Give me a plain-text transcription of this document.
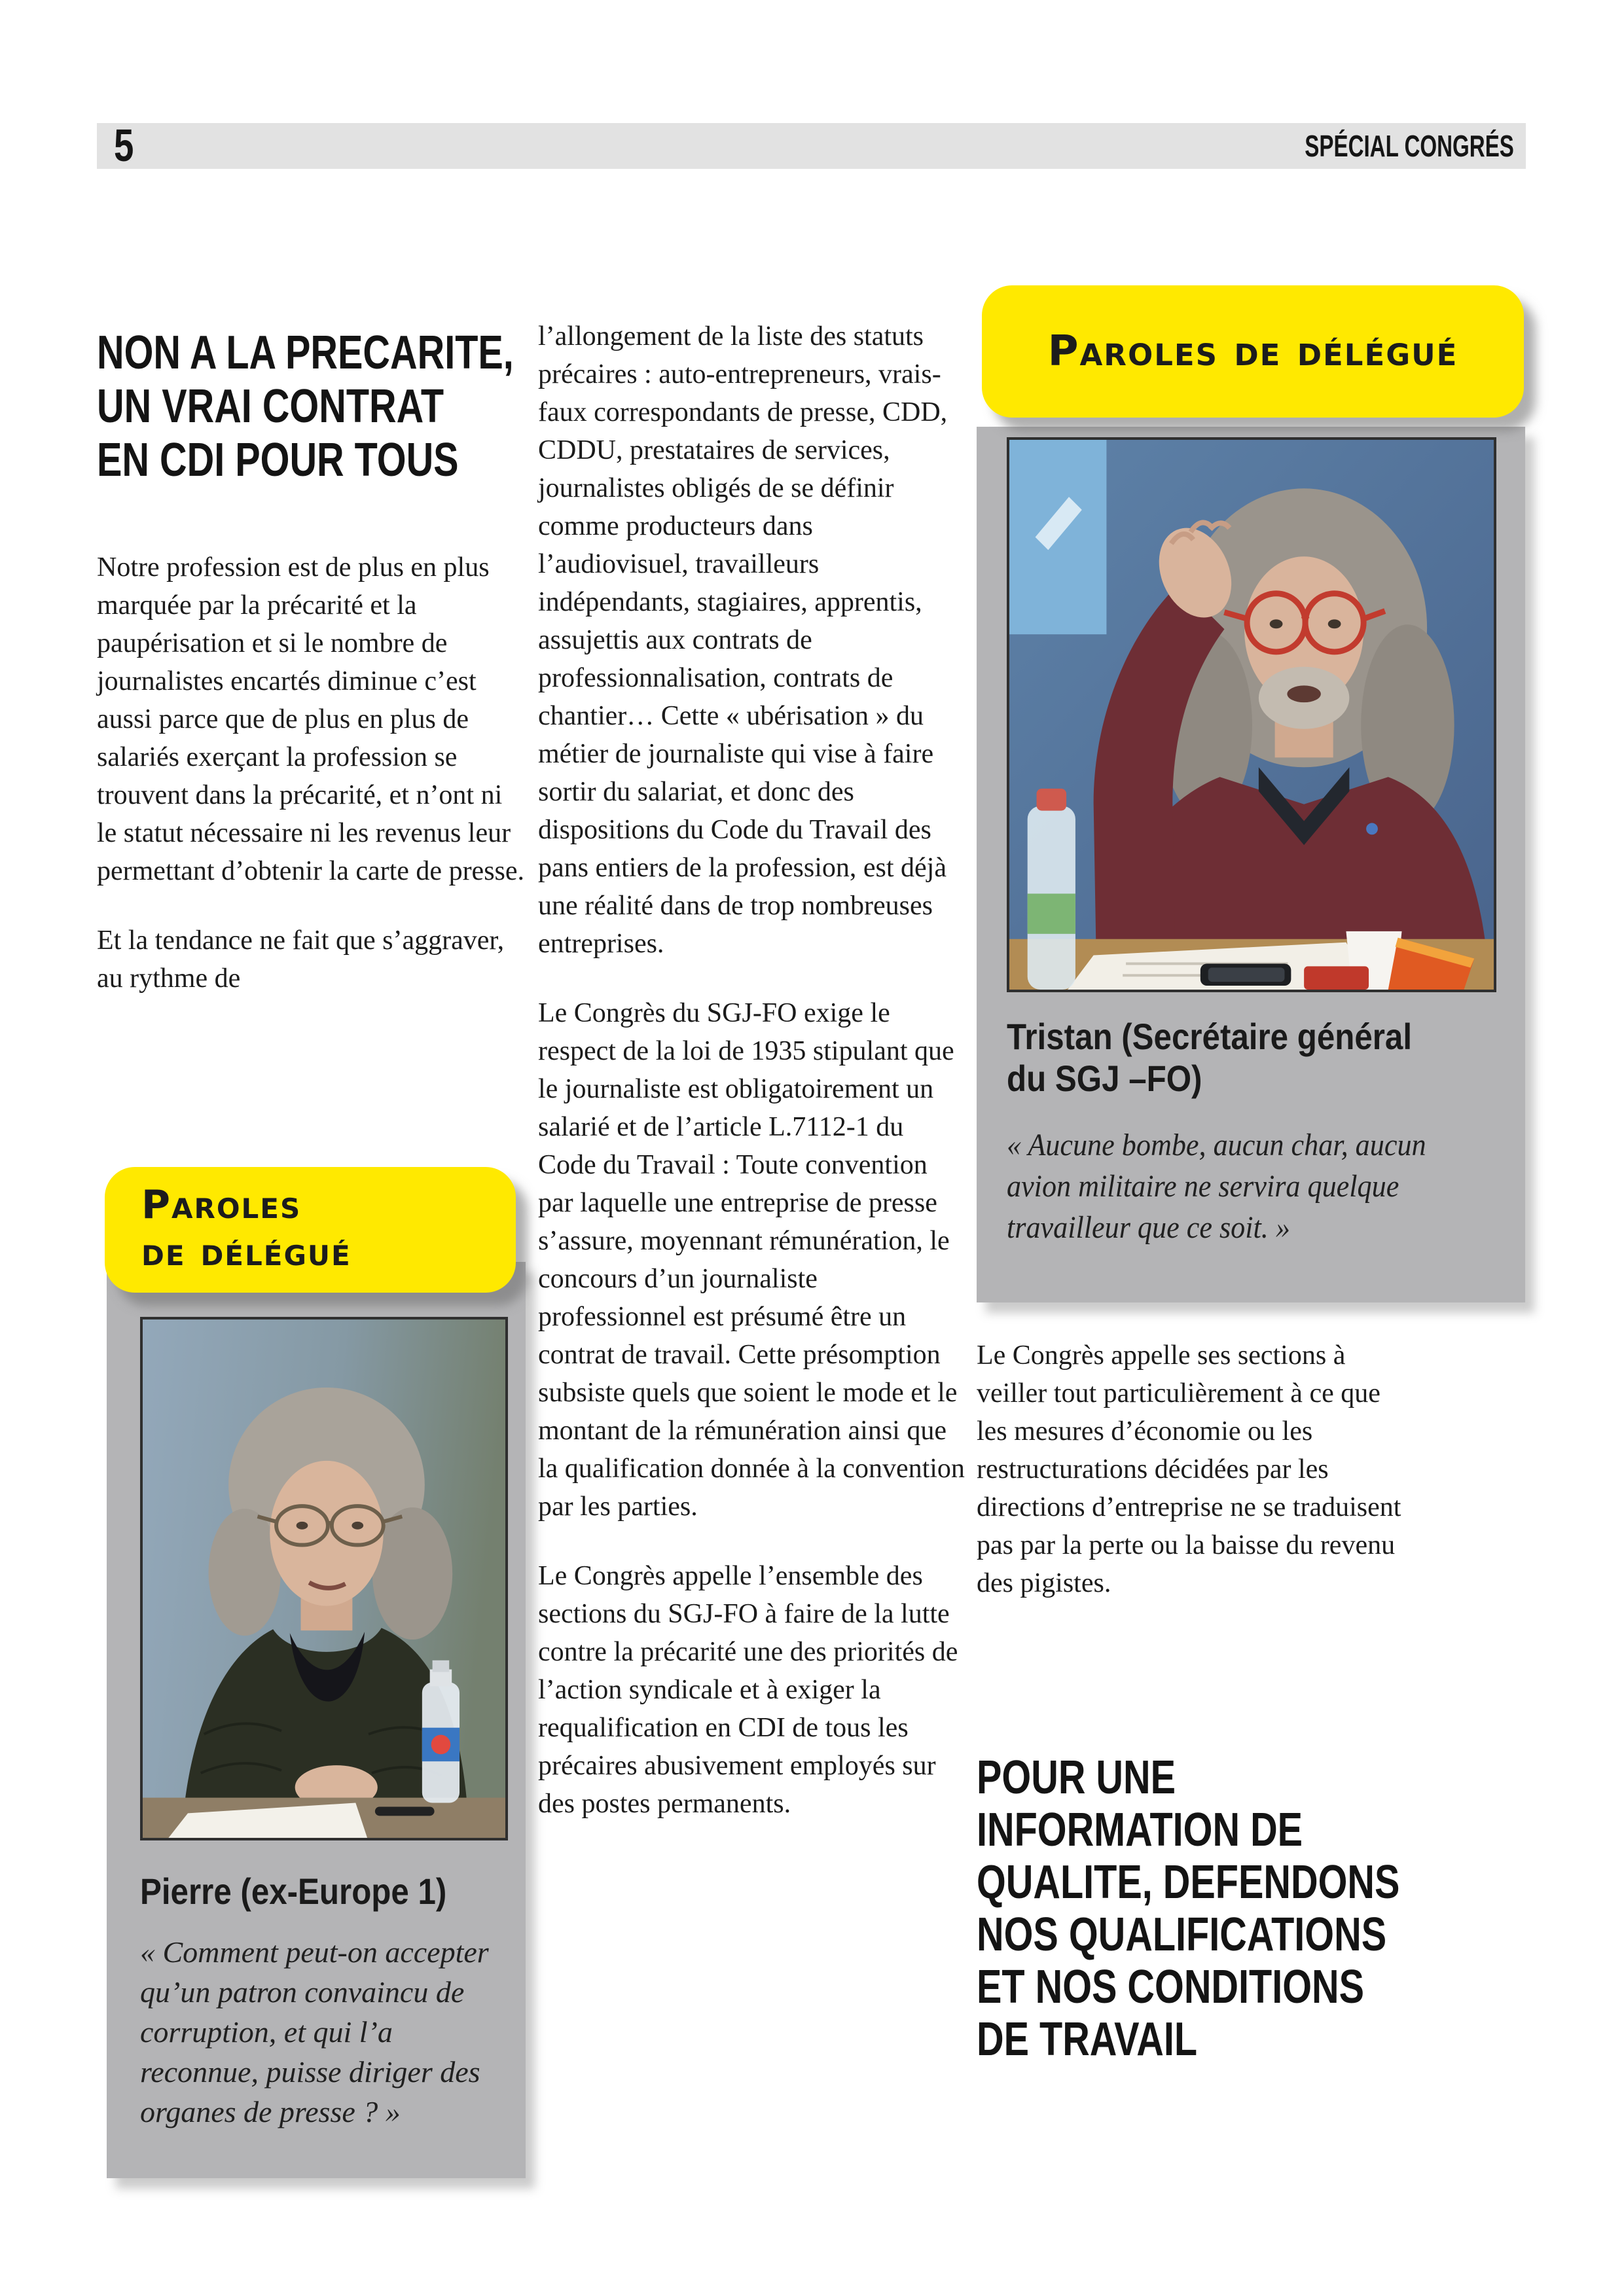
5	SPÉCIAL CONGRÉS
NON A LA PRECARITE,
UN VRAI CONTRAT
EN CDI POUR TOUS

Notre profession est de plus en plus marquée par la précarité et la paupérisation et si le nombre de journalistes encartés diminue c’est aussi parce que de plus en plus de salariés exerçant la profession se trouvent dans la précarité, et n’ont ni le statut nécessaire ni les revenus leur permettant d’obtenir la carte de presse.

Et la tendance ne fait que s’aggraver, au rythme de

Paroles
de délégué
Pierre (ex-Europe 1)
« Comment peut-on accepter qu’un patron convaincu de corruption, et qui l’a reconnue, puisse diriger des organes de presse ? »

l’allongement de la liste des statuts précaires : auto-entrepreneurs, vrais-faux correspondants de presse, CDD, CDDU, prestataires de services, journalistes obligés de se définir comme producteurs dans l’audiovisuel, travailleurs indépendants, stagiaires, apprentis, assujettis aux contrats de professionnalisation, contrats de chantier… Cette « ubérisation » du métier de journaliste qui vise à faire sortir du salariat, et donc des dispositions du Code du Travail des pans entiers de la profession, est déjà une réalité dans de trop nombreuses entreprises.

Le Congrès du SGJ-FO exige le respect de la loi de 1935 stipulant que le journaliste est obligatoirement un salarié et de l’article L.7112-1 du Code du Travail : Toute convention par laquelle une entreprise de presse s’assure, moyennant rémunération, le concours d’un journaliste professionnel est présumé être un contrat de travail. Cette présomption subsiste quels que soient le mode et le montant de la rémunération ainsi que la qualification donnée à la convention par les parties.

Le Congrès appelle l’ensemble des sections du SGJ-FO à faire de la lutte contre la précarité une des priorités de l’action syndicale et à exiger la requalification en CDI de tous les précaires abusivement employés sur des postes permanents.

Paroles de délégué
Tristan (Secrétaire général du SGJ –FO)
« Aucune bombe, aucun char, aucun avion militaire ne servira quelque travailleur que ce soit. »

Le Congrès appelle ses sections à veiller tout particulièrement à ce que les mesures d’économie ou les restructurations décidées par les directions d’entreprise ne se traduisent pas par la perte ou la baisse du revenu des pigistes.

POUR UNE
INFORMATION DE
QUALITE, DEFENDONS
NOS QUALIFICATIONS
ET NOS CONDITIONS
DE TRAVAIL
